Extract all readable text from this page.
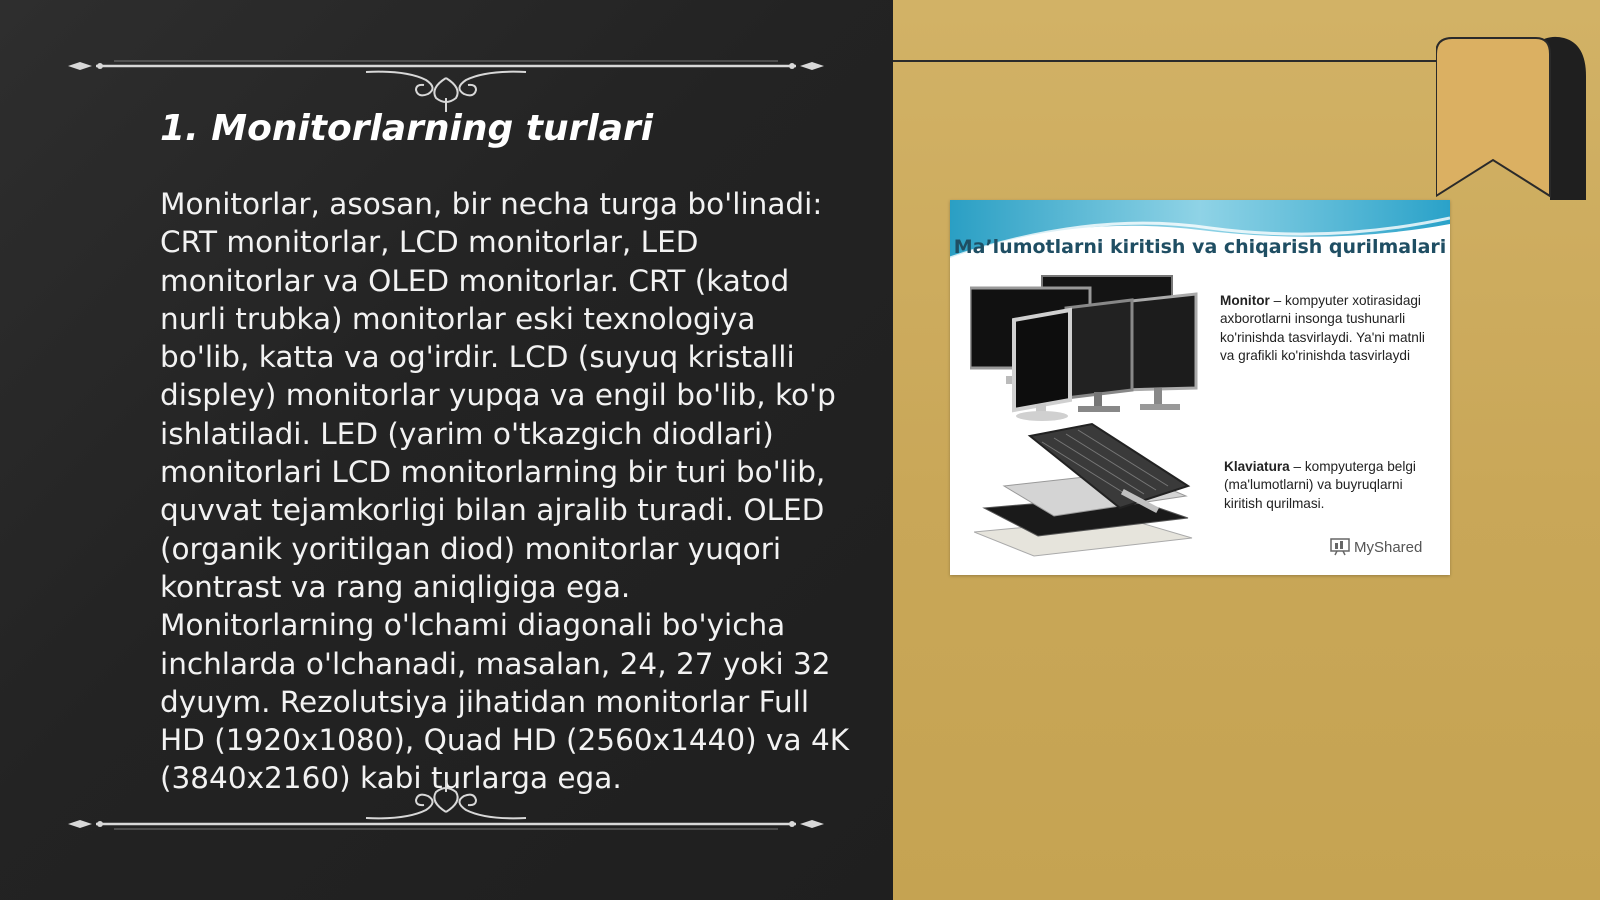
1. Monitorlarning turlari

Monitorlar, asosan, bir necha turga bo'linadi: CRT monitorlar, LCD monitorlar, LED monitorlar va OLED monitorlar. CRT (katod nurli trubka) monitorlar eski texnologiya bo'lib, katta va og'irdir. LCD (suyuq kristalli displey) monitorlar yupqa va engil bo'lib, ko'p ishlatiladi. LED (yarim o'tkazgich diodlari) monitorlari LCD monitorlarning bir turi bo'lib, quvvat tejamkorligi bilan ajralib turadi. OLED (organik yoritilgan diod) monitorlar yuqori kontrast va rang aniqligiga ega. Monitorlarning o'lchami diagonali bo'yicha inchlarda o'lchanadi, masalan, 24, 27 yoki 32 dyuym. Rezolutsiya jihatidan monitorlar Full HD (1920x1080), Quad HD (2560x1440) va 4K (3840x2160) kabi turlarga ega.

Ma’lumotlarni kiritish va chiqarish qurilmalari

Monitor – kompyuter xotirasidagi axborotlarni insonga tushunarli ko'rinishda tasvirlaydi. Ya'ni matnli va grafikli ko'rinishda tasvirlaydi

Klaviatura – kompyuterga belgi (ma'lumotlarni) va buyruqlarni kiritish qurilmasi.

MyShared
